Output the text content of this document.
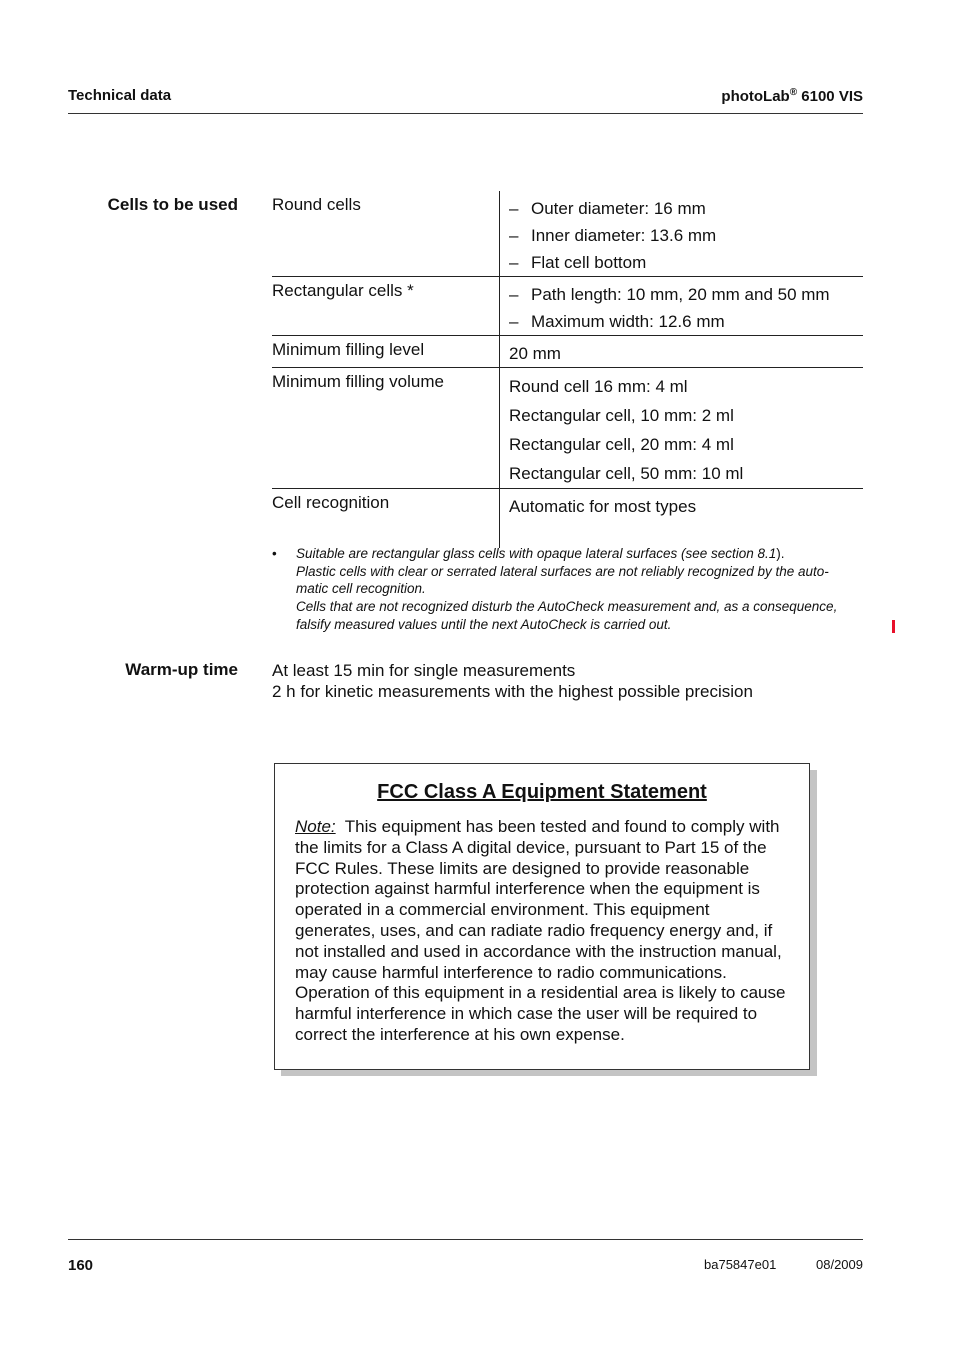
Technical data	photoLab® 6100 VIS
Cells to be used Round cells	– Outer diameter: 16 mm
– Inner diameter: 13.6 mm
– Flat cell bottom

Rectangular cells *	– Path length: 10 mm, 20 mm and 50 mm
– Maximum width: 12.6 mm

Minimum filling level	20 mm

Minimum filling volume	Round cell 16 mm: 4 ml
Rectangular cell, 10 mm: 2 ml
Rectangular cell, 20 mm: 4 ml
Rectangular cell, 50 mm: 10 ml

Cell recognition	Automatic for most types
• Suitable are rectangular glass cells with opaque lateral surfaces (see section 8.1).
Plastic cells with clear or serrated lateral surfaces are not reliably recognized by the auto-
matic cell recognition.
Cells that are not recognized disturb the AutoCheck measurement and, as a consequence,
falsify measured values until the next AutoCheck is carried out.
Warm-up time At least 15 min for single measurements
2 h for kinetic measurements with the highest possible precision
FCC Class A Equipment Statement
Note: This equipment has been tested and found to comply with
the limits for a Class A digital device, pursuant to Part 15 of the
FCC Rules. These limits are designed to provide reasonable
protection against harmful interference when the equipment is
operated in a commercial environment. This equipment
generates, uses, and can radiate radio frequency energy and, if
not installed and used in accordance with the instruction manual,
may cause harmful interference to radio communications.
Operation of this equipment in a residential area is likely to cause
harmful interference in which case the user will be required to
correct the interference at his own expense.
160	ba75847e01	08/2009
